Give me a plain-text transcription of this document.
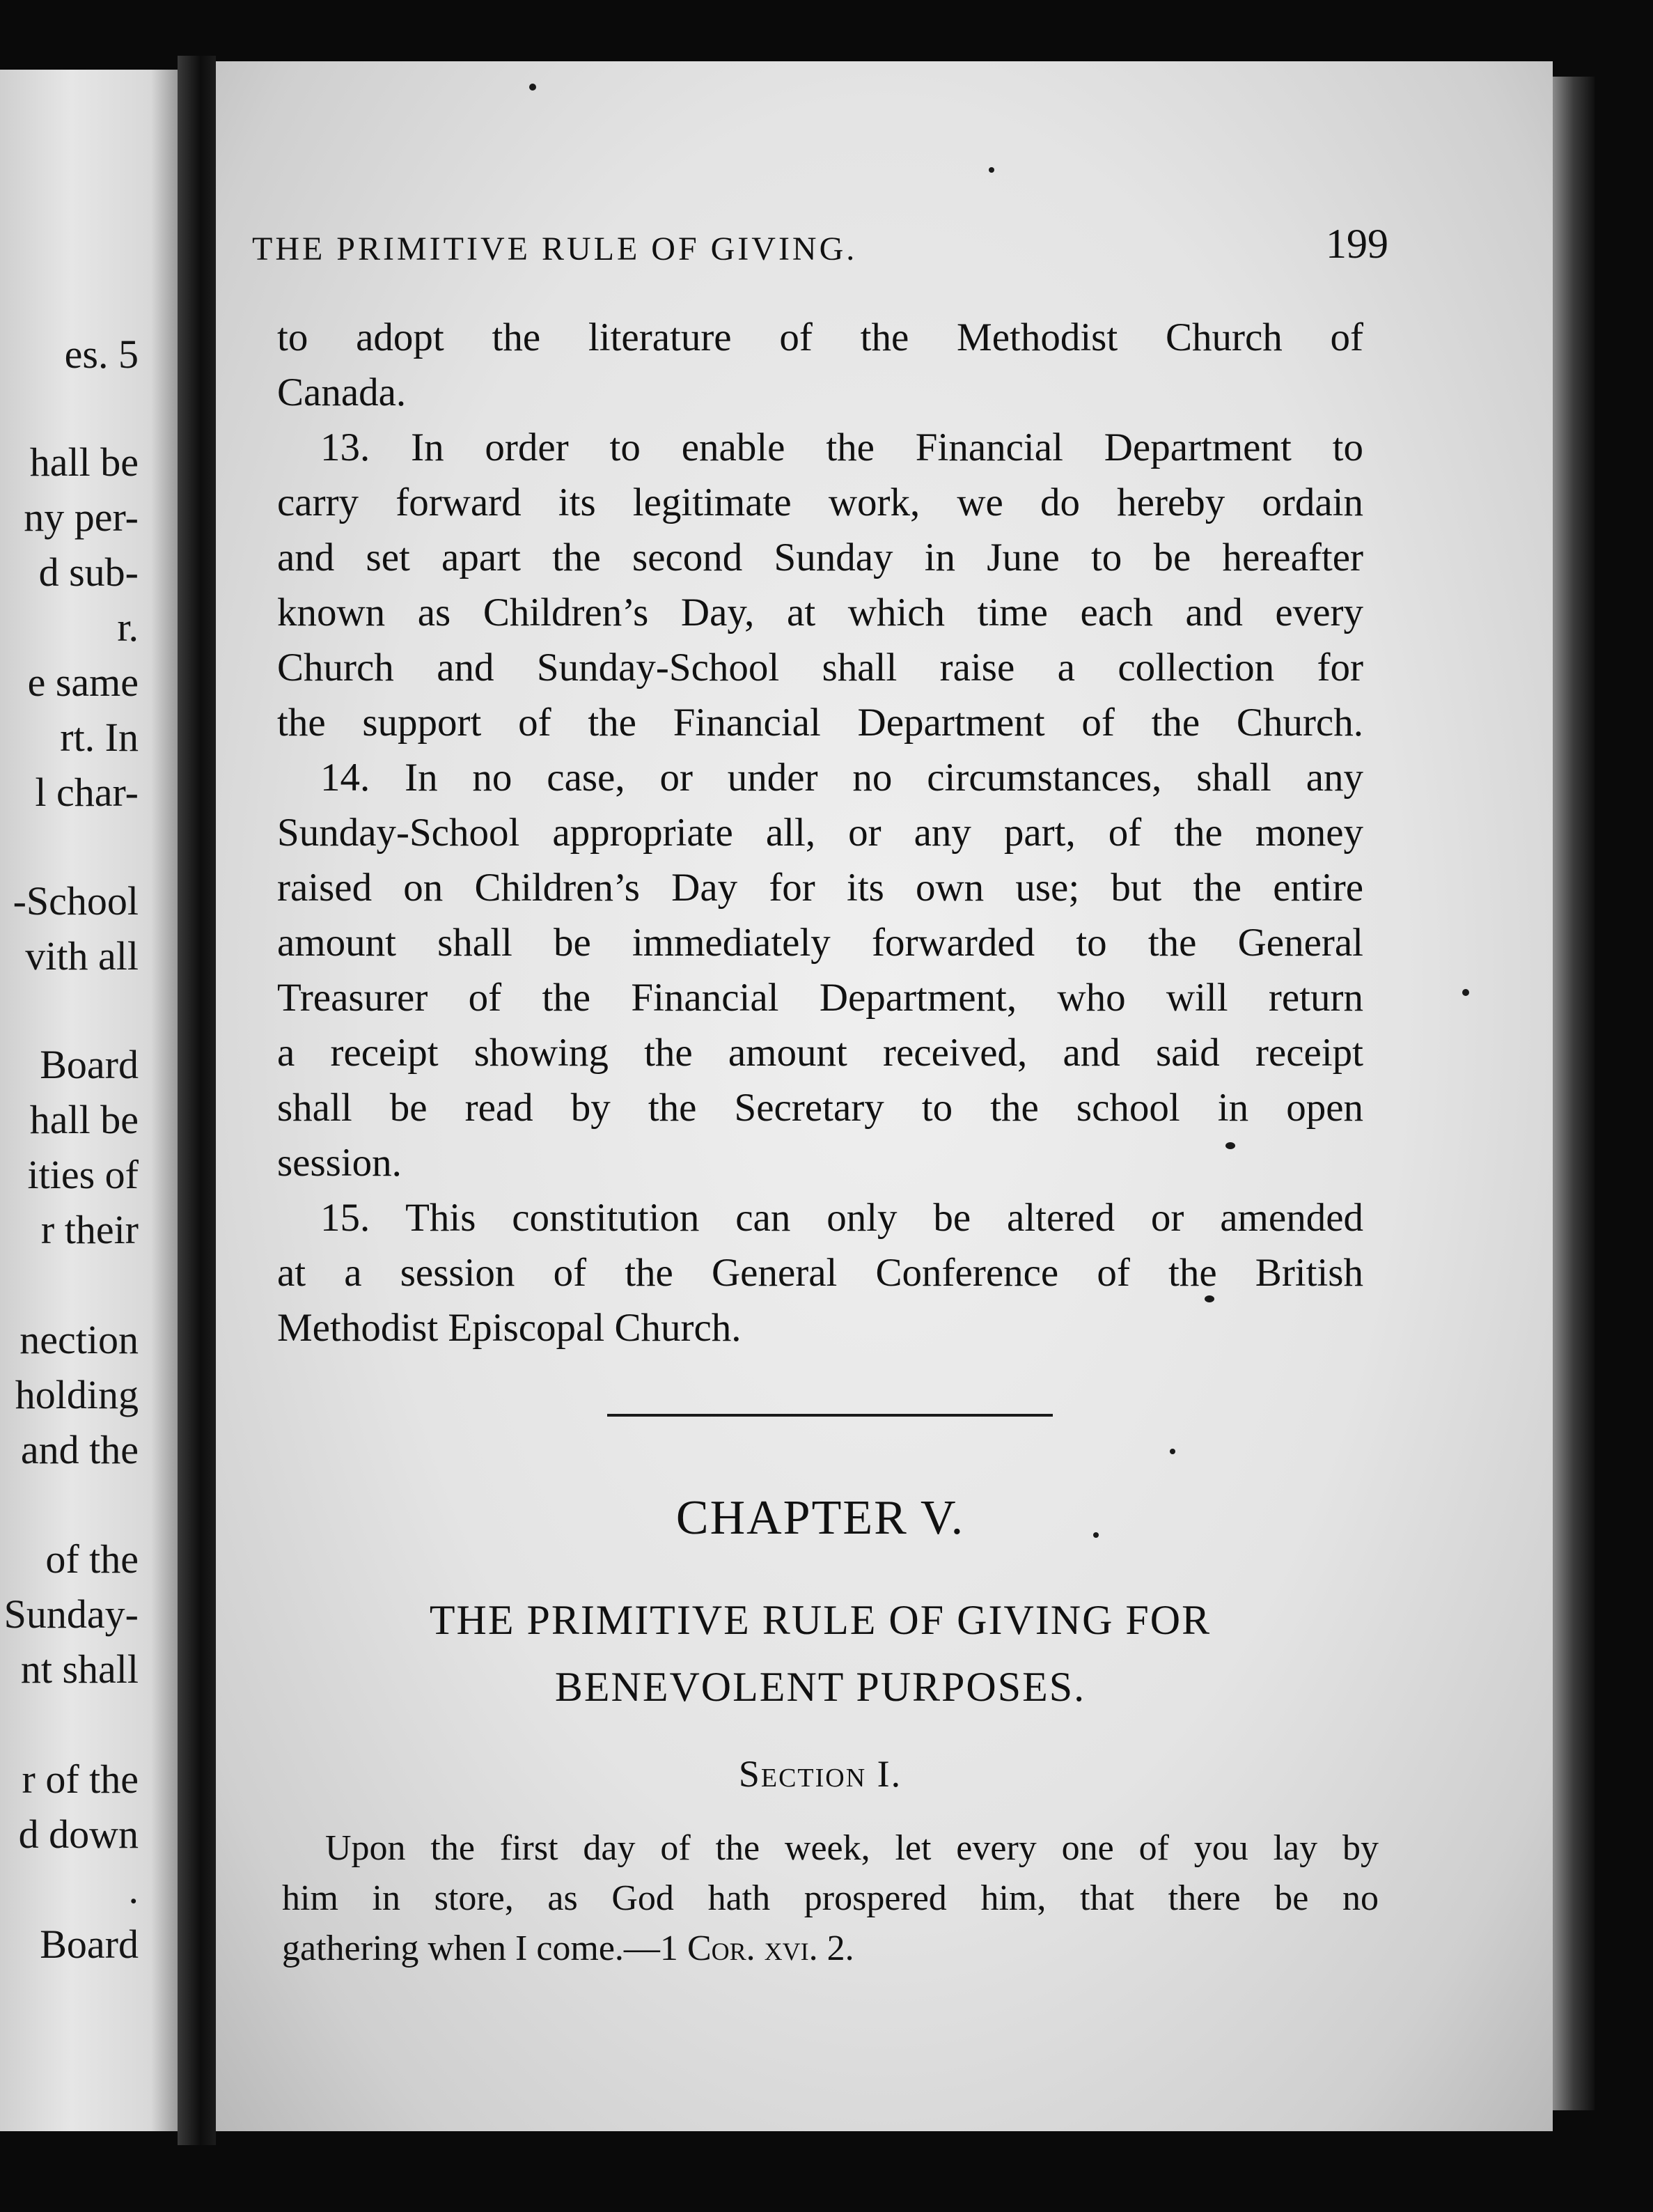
es. 5
hall be
ny per-
d sub-
r.
e same
rt. In
l char-
-School
vith all
Board
hall be
ities of
r their
nection
holding
and the
of the
Sunday-
nt shall
r of the
d down
.
Board
THE PRIMITIVE RULE OF GIVING.	199
to adopt the literature of the Methodist Church of
Canada.
13. In order to enable the Financial Department to
carry forward its legitimate work, we do hereby ordain
and set apart the second Sunday in June to be hereafter
known as Children’s Day, at which time each and every
Church and Sunday-School shall raise a collection for
the support of the Financial Department of the Church.
14. In no case, or under no circumstances, shall any
Sunday-School appropriate all, or any part, of the money
raised on Children’s Day for its own use; but the entire
amount shall be immediately forwarded to the General
Treasurer of the Financial Department, who will return
a receipt showing the amount received, and said receipt
shall be read by the Secretary to the school in open
session.
15. This constitution can only be altered or amended
at a session of the General Conference of the British
Methodist Episcopal Church.
CHAPTER V.
THE PRIMITIVE RULE OF GIVING FOR
BENEVOLENT PURPOSES.
Section I.
Upon the first day of the week, let every one of you lay by
him in store, as God hath prospered him, that there be no
gathering when I come.—1 Cor. xvi. 2.
